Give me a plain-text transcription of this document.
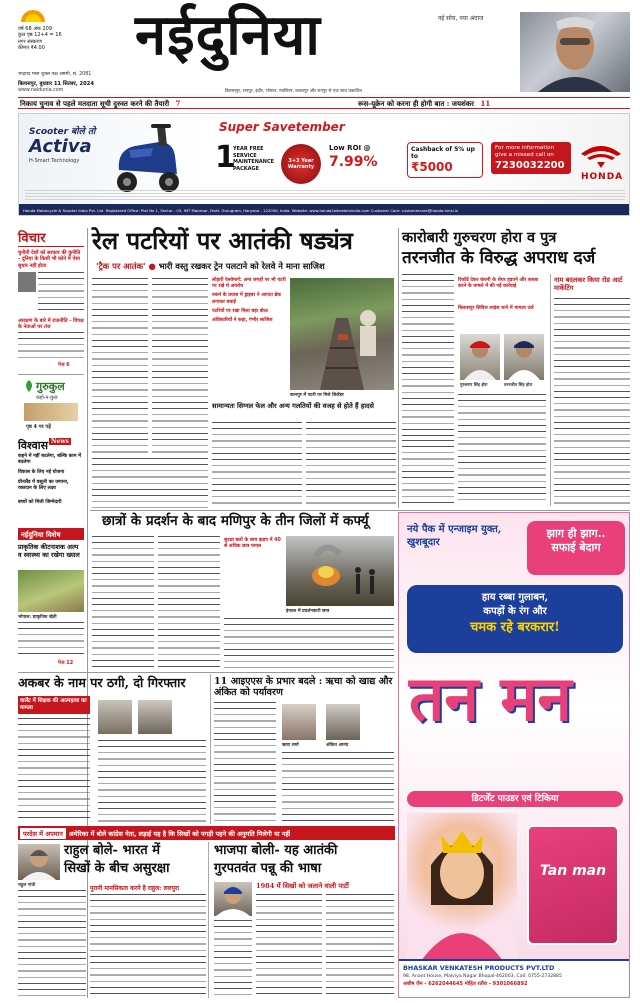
वर्ष 68 अंक 209
कुल पृष्ठ 12+4 = 16
नगर संस्करण
कीमत ₹4.00	नईदुनिया	नई सोच, नया अंदाज
भाद्रपद मास शुक्ल पक्ष अष्टमी, सं. 2081
बिलासपुर, बुधवार 11 सितंबर, 2024
www.naidunia.com	बिलासपुर, रायपुर, इंदौर, भोपाल, ग्वालियर, जबलपुर और रायपुर से एक साथ प्रकाशित
निकाय चुनाव से पहले मतदाता सूची दुरुस्त करने की तैयारी 7	रूस-यूक्रेन को करना ही होगी बात : जयशंकर 11
Scooter बोले तो
Activa
H-Smart Technology
Super Savetember
1
YEAR FREE SERVICE MAINTENANCE PACKAGE
3+3 Year Warranty
Low ROI @
7.99%
Cashback of 5% up to
₹5000
For more information give a missed call on
7230032200
HONDA
Honda Motorcycle & Scooter India Pvt. Ltd. Registered Office: Plot No 1, Sector - 03, IMT Manesar, Distt. Gurugram, Haryana - 122050, India. Website: www.honda2wheelersindia.com Customer Care: customercare@honda.hmsi.in
विचार
चुनौती देशों को सरकार की कुनीति - दुनिया के किसी भी कोने में ऐसा सुधार नहीं होता
आरक्षण के बारे में राजनीति - विपक्ष के नेताओं पर तंज
पेज 6
गुरुकुल
कहो-न-कुछ
पृष्ठ 4 पर पढ़ें
विश्वास $^{News}$
कहने में नहीं बदलेगा, बल्कि काम में बदलेगा
विकास के लिए नई योजना
ग्रीनलैंड में वसूली का जमाना, रक्तदान के लिए लक्ष्य
बच्चों को मिली जिम्मेदारी
नईदुनिया विशेष
प्राकृतिक कीटनाशक अल्प व स्वास्थ्य का रखेगा ख्याल
भोपाल: प्राकृतिक खेती
पेज 12
रेल पटरियों पर आतंकी षड्यंत्र
'ट्रैक पर आतंक' ● भारी वस्तु रखकर ट्रेन पलटाने को रेलवे ने माना साजिश
लोहारी रेलवेमार्ग: अन्य जगहों पर भी पटरी पर रखे थे अवरोध
रुकने के प्रयास में ड्राइवर ने आपात ब्रेक लगाकर बचाई
पटरियों पर रखा मिला बड़ा बोल्ट
अधिकारियों ने कहा, गंभीर साजिश
कानपुर में पटरी पर मिले सिलेंडर
सामान्यतः सिग्नल फेल और अन्य गलतियों की वजह से होते हैं हादसे
कारोबारी गुरुचरण होरा व पुत्र
तरनजीत के विरुद्ध अपराध दर्ज
रिकॉर्ड देकर कंपनी के शेयर हड़पने और कब्जा करने के मामले में की गई कार्रवाई
बिलासपुर सिविल लाइंस थाने में मामला दर्ज
गुरुचरण सिंह होरा	तरनजीत सिंह होरा
नाम बदलकर किया रोड आर्ट मार्केटिंग
छात्रों के प्रदर्शन के बाद मणिपुर के तीन जिलों में कर्फ्यू
सुरक्षा बलों के साथ झड़प में 40 से अधिक छात्र घायल
इंफाल में प्रदर्शनकारी छात्र
नये पैक में एन्जाइम युक्त, खुशबूदार
झाग ही झाग.. सफाई बेदाग
हाय रब्बा गुलाबन,
कपड़ों के रंग और
चमक रहे बरकरार!
तन मन
डिटर्जेंट पाउडर एवं टिकिया
Tan man
BHASKAR VENKATESH PRODUCTS PVT.LTD
98, Anant House, Malviya Nagar Bhopal-462003, Call: 0755-2732885
अशीष जैन - 6262044645 मोहित रतौरा - 9301066892
अकबर के नाम पर ठगी, दो गिरफ्तार
वालेंट में शिक्षक की आत्महत्या का मामला
11 आइएएस के प्रभार बदले : ऋचा को खाद्य और अंकित को पर्यावरण
ऋचा शर्मा	अंकित आनंद
परदेस में अपमान अमेरिका में बोले कांग्रेस नेता, लड़ाई यह है कि सिखों को पगड़ी पहने की अनुमति मिलेगी या नहीं
राहुल बोले- भारत में
सिखों के बीच असुरक्षा
राहुल गांधी	पुरानी मानसिकता करने है राहुल: ललपुरा
भाजपा बोली- यह आतंकी
गुरपतवंत पन्नू की भाषा
1984 में सिखों को जलाने वाली पार्टी
